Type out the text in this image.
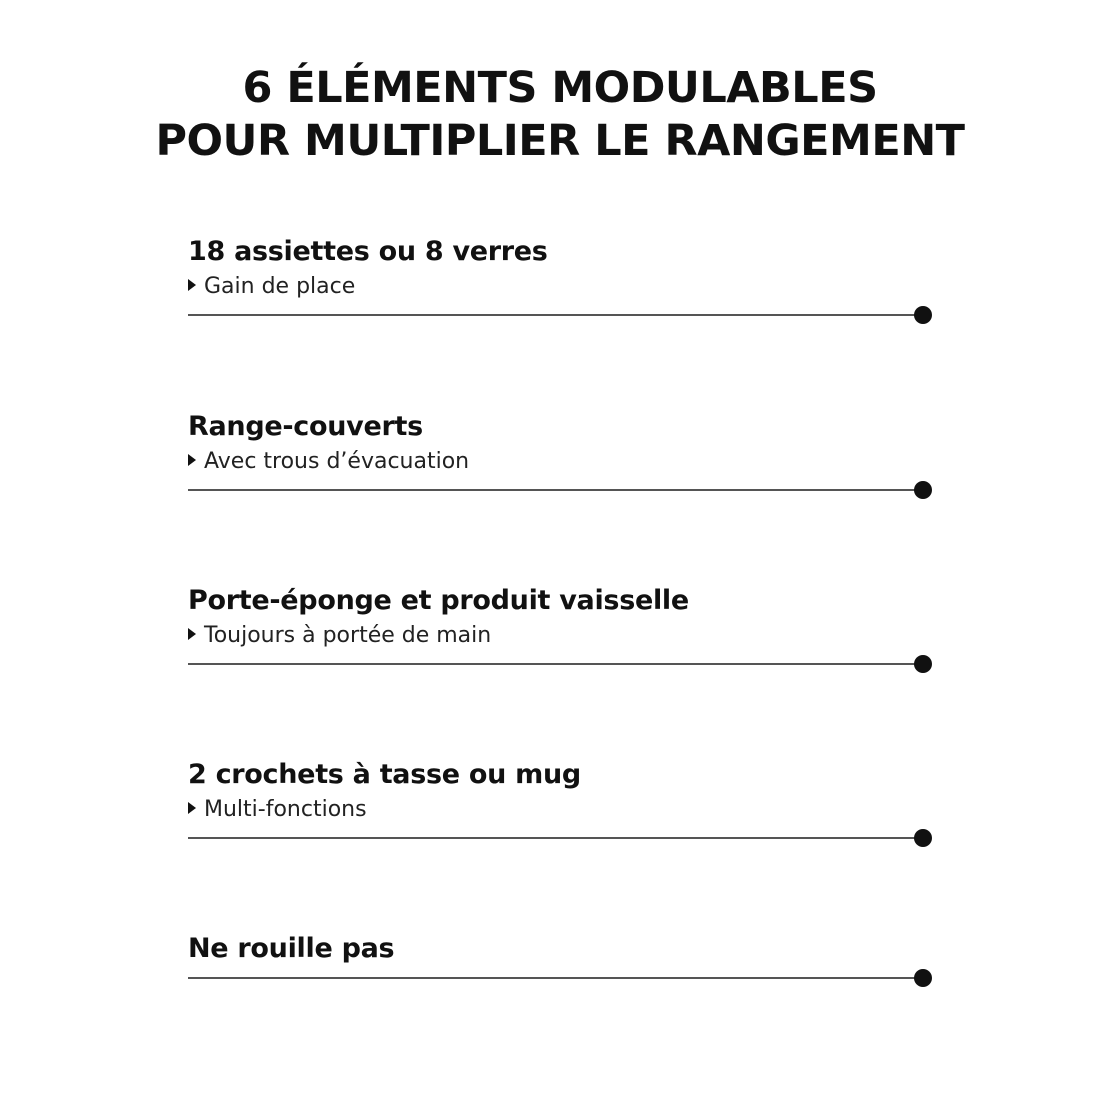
6 ÉLÉMENTS MODULABLES
POUR MULTIPLIER LE RANGEMENT
18 assiettes ou 8 verres
Gain de place
Range-couverts
Avec trous d’évacuation
Porte-éponge et produit vaisselle
Toujours à portée de main
2 crochets à tasse ou mug
Multi-fonctions
Ne rouille pas
